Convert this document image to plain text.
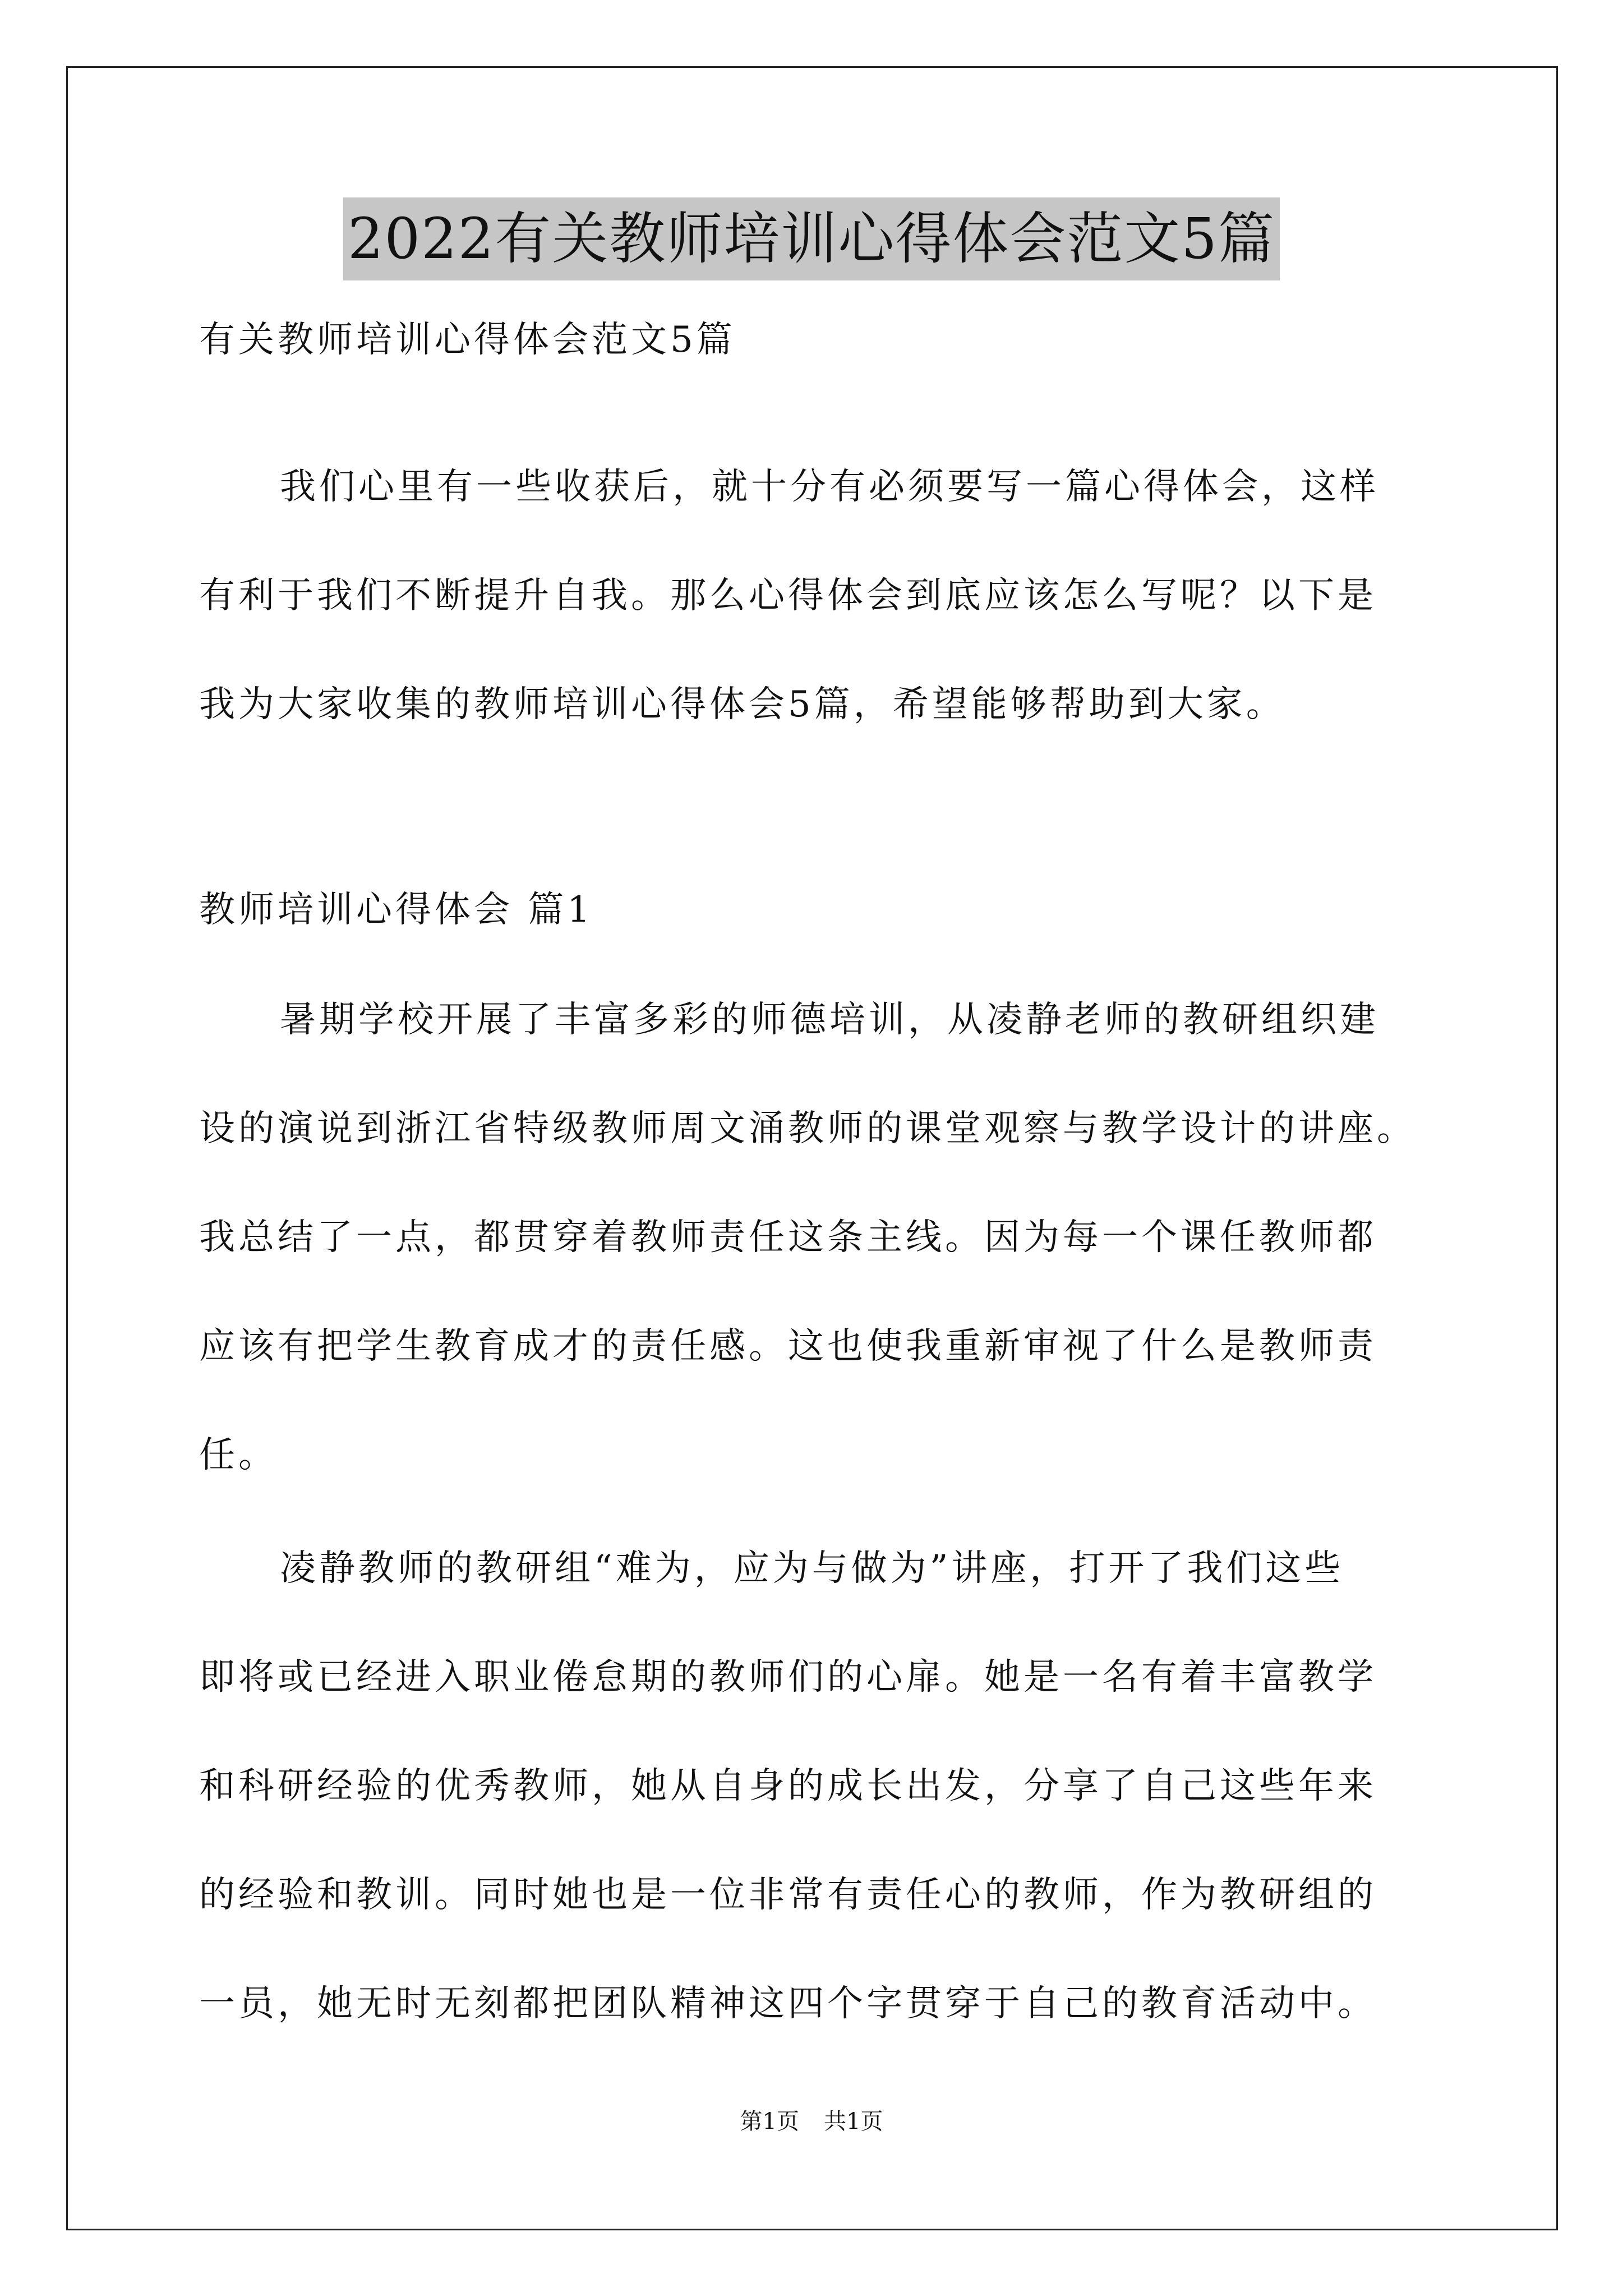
2022有关教师培训心得体会范文5篇

有关教师培训心得体会范文5篇

我们心里有一些收获后，就十分有必须要写一篇心得体会，这样

有利于我们不断提升自我。那么心得体会到底应该怎么写呢？以下是

我为大家收集的教师培训心得体会5篇，希望能够帮助到大家。

教师培训心得体会 篇1

暑期学校开展了丰富多彩的师德培训，从凌静老师的教研组织建

设的演说到浙江省特级教师周文涌教师的课堂观察与教学设计的讲座。

我总结了一点，都贯穿着教师责任这条主线。因为每一个课任教师都

应该有把学生教育成才的责任感。这也使我重新审视了什么是教师责

任。

凌静教师的教研组“难为，应为与做为”讲座，打开了我们这些

即将或已经进入职业倦怠期的教师们的心扉。她是一名有着丰富教学

和科研经验的优秀教师，她从自身的成长出发，分享了自己这些年来

的经验和教训。同时她也是一位非常有责任心的教师，作为教研组的

一员，她无时无刻都把团队精神这四个字贯穿于自己的教育活动中。

第1页 共1页
